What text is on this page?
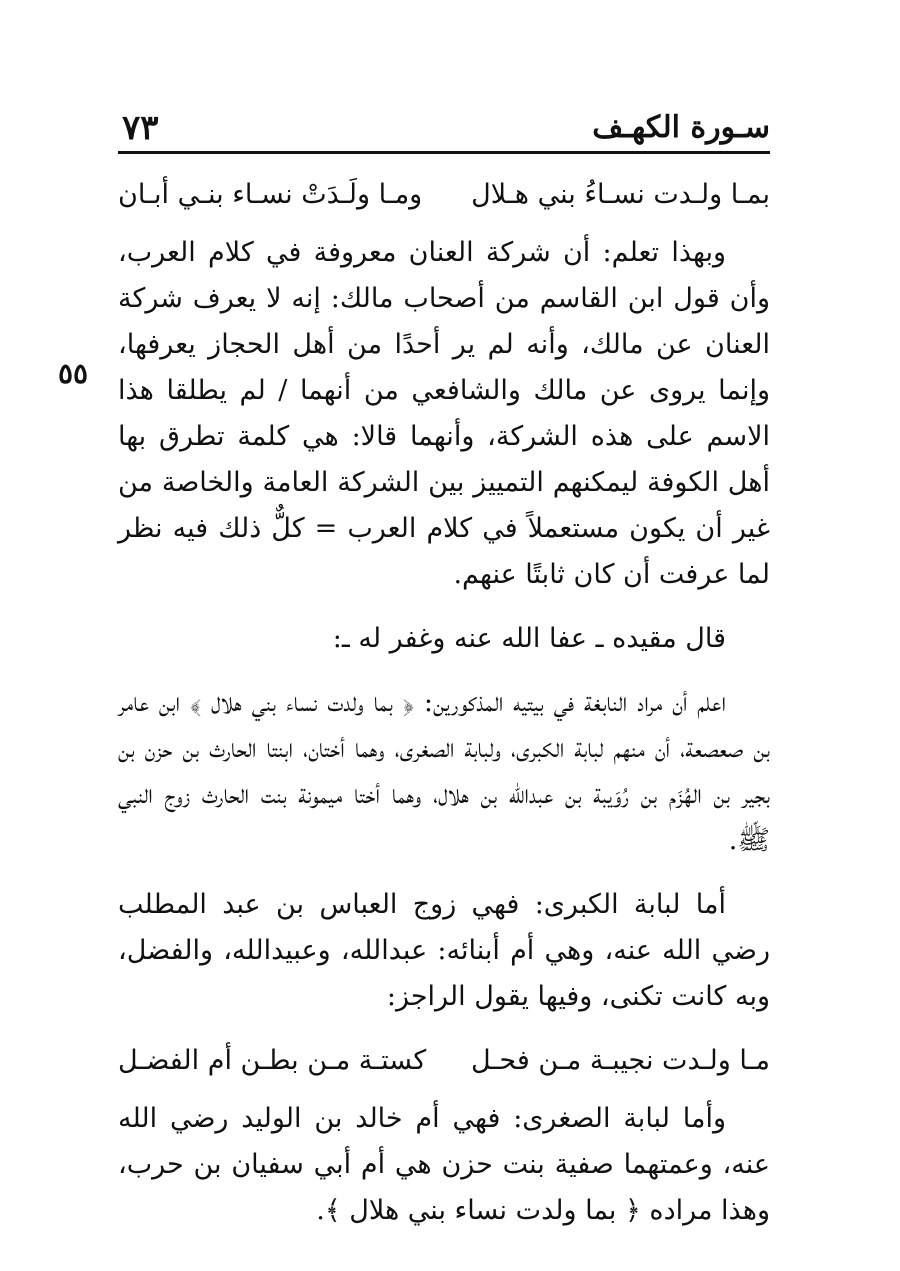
سـورة الكهـف
٧٣
٥٥
بمـا ولـدت نسـاءُ بني هـلال
ومـا ولَـدَتْ نسـاء بنـي أبـان

وبهذا تعلم: أن شركة العنان معروفة في كلام العرب، وأن قول ابن القاسم من أصحاب مالك: إنه لا يعرف شركة العنان عن مالك، وأنه لم ير أحدًا من أهل الحجاز يعرفها، وإنما يروى عن مالك والشافعي من أنهما / لم يطلقا هذا الاسم على هذه الشركة، وأنهما قالا: هي كلمة تطرق بها أهل الكوفة ليمكنهم التمييز بين الشركة العامة والخاصة من غير أن يكون مستعملاً في كلام العرب = كلٌّ ذلك فيه نظر لما عرفت أن كان ثابتًا عنهم.

قال مقيده ـ عفا الله عنه وغفر له ـ:

اعلم أن مراد النابغة في بيتيه المذكورين: ﴿ بما ولدت نساء بني هلال ﴾ ابن عامر بن صعصعة، أن منهم لبابة الكبرى، ولبابة الصغرى، وهما أختان، ابنتا الحارث بن حزن بن بجير بن الهُزَم بن رُوَيبة بن عبدالله بن هلال، وهما أختا ميمونة بنت الحارث زوج النبي ﷺ.

أما لبابة الكبرى: فهي زوج العباس بن عبد المطلب رضي الله عنه، وهي أم أبنائه: عبدالله، وعبيدالله، والفضل، وبه كانت تكنى، وفيها يقول الراجز:

مـا ولـدت نجيبـة مـن فحـل
كستـة مـن بطـن أم الفضـل

وأما لبابة الصغرى: فهي أم خالد بن الوليد رضي الله عنه، وعمتهما صفية بنت حزن هي أم أبي سفيان بن حرب، وهذا مراده ﴿ بما ولدت نساء بني هلال ﴾.
